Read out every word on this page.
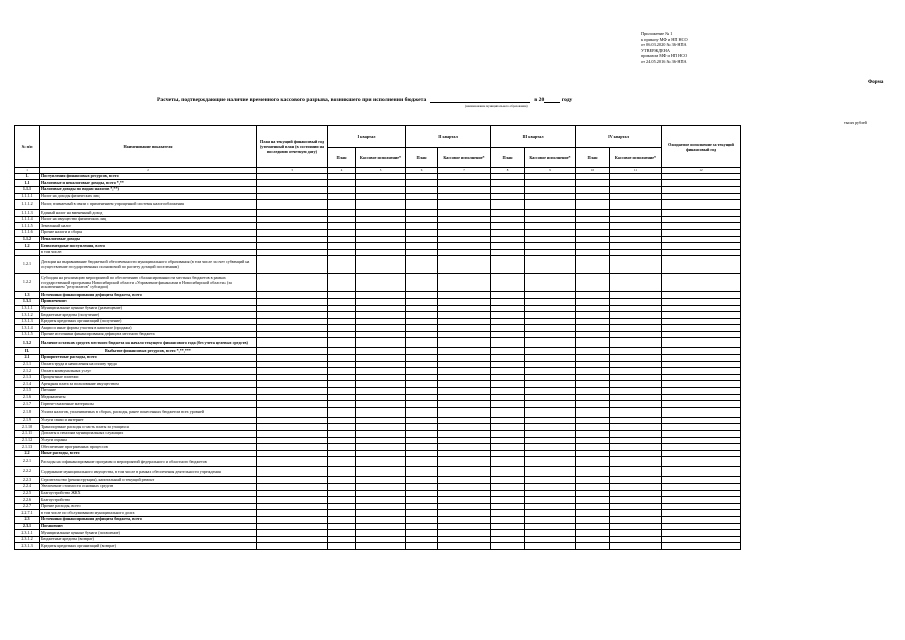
Приложение № 1
к приказу МФ и НП НСО
от 06.03.2020 № 36-НПА
УТВЕРЖДЕНА
приказом МФ и НП НСО
от 24.05.2016 № 36-НПА
Форма
Расчеты, подтверждающие наличие временного кассового разрыва, возникшего при исполнении бюджета	в 20	году
(наименование муниципального образования)
тысяч рублей
№ п/п	Наименование показателя	План на текущий финансовый год (уточненный план (в состоянии на последнюю отчетную дату)	I квартал		II квартал		III квартал		IV квартал		Ожидаемое исполнение за текущий финансовый год
			План	Кассовое исполнение*	План	Кассовое исполнение*	План	Кассовое исполнение*	План	Кассовое исполнение*	
1	2	3	4	5	6	7	8	9	10	11	12
1.	Поступления финансовых ресурсов, всего										
1.1	Налоговые и неналоговые доходы, всего *,**										
1.1.1	Налоговые доходы по видам налогов *,**)										
1.1.1.1	Налог на доходы физических лиц										
1.1.1.2	Налог, взимаемый в связи с применением упрощенной системы налогообложения										
1.1.1.3	Единый налог на вмененный доход										
1.1.1.4	Налог на имущество физических лиц										
1.1.1.5	Земельный налог										
1.1.1.6	Прочие налоги и сборы										
1.1.2	Неналоговые доходы										
1.2	Безвозмездные поступления, всего										
	в том числе:										
1.2.1	Дотации на выравнивание бюджетной обеспеченности муниципального образования (в том числе за счет субвенций на осуществление государственных полномочий по расчету дотаций поселениям)										
1.2.2	Субсидия на реализацию мероприятий по обеспечению сбалансированности местных бюджетов в рамках государственной программы Новосибирской области «Управление финансами в Новосибирской области» (за исключением "результатов" субсидии)										
1.3	Источники финансирования дефицита бюджета, всего										
1.3.1	Привлечение:										
1.3.1.1	Муниципальные ценные бумаги (размещение)										
1.3.1.2	Бюджетные кредиты (получение)										
1.3.1.3	Кредиты кредитных организаций (получение)										
1.3.1.4	Акции и иные формы участия в капитале (продажа)										
1.3.1.5	Прочие источники финансирования дефицита местного бюджета										
1.3.2	Наличие остатков средств местного бюджета на начало текущего финансового года (без учета целевых средств)										
II.	Выбытие финансовых ресурсов, всего *,**,***										
2.1	Приоритетные расходы, всего										
2.1.1	Оплата труда и начисления на оплату труда										
2.1.2	Оплата коммунальных услуг										
2.1.3	Процентные платежи										
2.1.4	Арендная плата за пользование имуществом										
2.1.5	Питание										
2.1.6	Медикаменты										
2.1.7	Горюче-смазочные материалы										
2.1.8	Уплата налогов, уплачиваемых в сборах, расходы, ранее понесенных бюджетом всех уровней										
2.1.9	Услуги связи и интернет										
2.1.10	Транспортные расходы и часть платы за учащихся										
2.1.11	Доплаты к пенсиям муниципальных служащих										
2.1.12	Услуги охраны										
2.1.13	Обеспечение программных процессов										
2.2	Иные расходы, всего										
2.2.1	Расходы на софинансирование программ и мероприятий федерального и областного бюджетов										
2.2.2	Содержание муниципального имущества, в том числе в рамках обеспечения деятельности учреждения										
2.2.3	Строительство (реконструкция), капитальный и текущий ремонт										
2.2.4	Увеличение стоимости основных средств										
2.2.5	Благоустройство ЖКХ										
2.2.6	Благоустройство										
2.2.7	Прочие расходы, всего										
2.2.7.1	в том числе по обслуживанию муниципального долга										
2.3	Источники финансирования дефицита бюджета, всего										
2.3.1	Погашение:										
2.3.1.1	Муниципальные ценные бумаги (погашение)										
2.3.1.2	Бюджетные кредиты (возврат)										
2.3.1.3	Кредиты кредитных организаций (возврат)										
